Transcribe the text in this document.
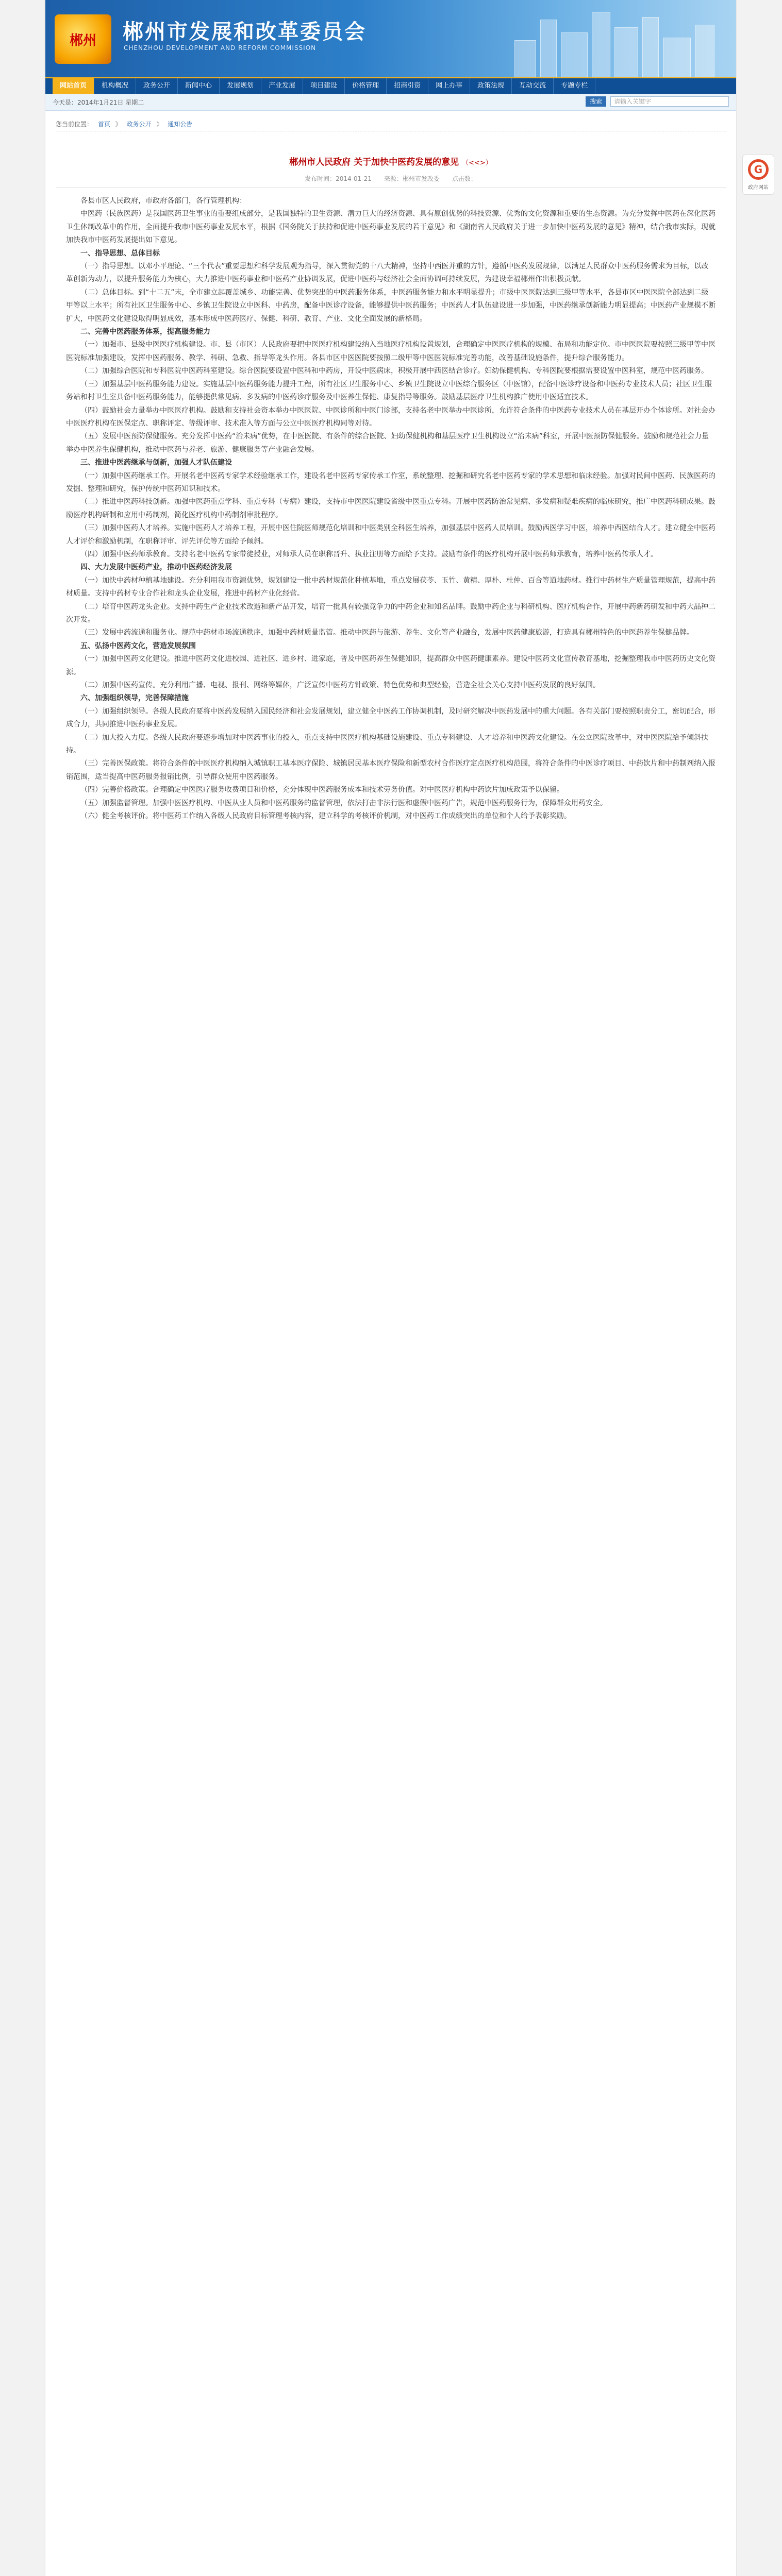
郴州	郴州市发展和改革委员会
CHENZHOU DEVELOPMENT AND REFORM COMMISSION
网站首页	机构概况	政务公开	新闻中心	发展规划	产业发展	项目建设	价格管理	招商引资	网上办事	政策法规	互动交流	专题专栏
今天是：2014年1月21日 星期二	搜索	请输入关键字
您当前位置： 首页 》 政务公开 》 通知公告
郴州市人民政府 关于加快中医药发展的意见 （<<>）
发布时间：2014-01-21　　来源：郴州市发改委　　点击数：

各县市区人民政府，市政府各部门，各行管理机构：

中医药（民族医药）是我国医药卫生事业的重要组成部分，是我国独特的卫生资源、潜力巨大的经济资源、具有原创优势的科技资源、优秀的文化资源和重要的生态资源。为充分发挥中医药在深化医药卫生体制改革中的作用，全面提升我市中医药事业发展水平，根据《国务院关于扶持和促进中医药事业发展的若干意见》和《湖南省人民政府关于进一步加快中医药发展的意见》精神，结合我市实际，现就加快我市中医药发展提出如下意见。

一、指导思想、总体目标

（一）指导思想。以邓小平理论、“三个代表”重要思想和科学发展观为指导，深入贯彻党的十八大精神，坚持中西医并重的方针，遵循中医药发展规律，以满足人民群众中医药服务需求为目标，以改革创新为动力，以提升服务能力为核心，大力推进中医药事业和中医药产业协调发展，促进中医药与经济社会全面协调可持续发展，为建设幸福郴州作出积极贡献。

（二）总体目标。到“十二五”末，全市建立起覆盖城乡、功能完善、优势突出的中医药服务体系，中医药服务能力和水平明显提升；市级中医医院达到三级甲等水平，各县市区中医医院全部达到二级甲等以上水平；所有社区卫生服务中心、乡镇卫生院设立中医科、中药房，配备中医诊疗设备，能够提供中医药服务；中医药人才队伍建设进一步加强，中医药继承创新能力明显提高；中医药产业规模不断扩大，中医药文化建设取得明显成效，基本形成中医药医疗、保健、科研、教育、产业、文化全面发展的新格局。

二、完善中医药服务体系，提高服务能力

（一）加强市、县级中医医疗机构建设。市、县（市区）人民政府要把中医医疗机构建设纳入当地医疗机构设置规划，合理确定中医医疗机构的规模、布局和功能定位。市中医医院要按照三级甲等中医医院标准加强建设，发挥中医药服务、教学、科研、急救、指导等龙头作用。各县市区中医医院要按照二级甲等中医医院标准完善功能，改善基础设施条件，提升综合服务能力。

（二）加强综合医院和专科医院中医药科室建设。综合医院要设置中医科和中药房，开设中医病床，积极开展中西医结合诊疗。妇幼保健机构、专科医院要根据需要设置中医科室，规范中医药服务。

（三）加强基层中医药服务能力建设。实施基层中医药服务能力提升工程，所有社区卫生服务中心、乡镇卫生院设立中医综合服务区（中医馆），配备中医诊疗设备和中医药专业技术人员；社区卫生服务站和村卫生室具备中医药服务能力，能够提供常见病、多发病的中医药诊疗服务及中医养生保健、康复指导等服务。鼓励基层医疗卫生机构推广使用中医适宜技术。

（四）鼓励社会力量举办中医医疗机构。鼓励和支持社会资本举办中医医院、中医诊所和中医门诊部，支持名老中医举办中医诊所，允许符合条件的中医药专业技术人员在基层开办个体诊所。对社会办中医医疗机构在医保定点、职称评定、等级评审、技术准入等方面与公立中医医疗机构同等对待。

（五）发展中医预防保健服务。充分发挥中医药“治未病”优势，在中医医院、有条件的综合医院、妇幼保健机构和基层医疗卫生机构设立“治未病”科室，开展中医预防保健服务。鼓励和规范社会力量举办中医养生保健机构，推动中医药与养老、旅游、健康服务等产业融合发展。

三、推进中医药继承与创新，加强人才队伍建设

（一）加强中医药继承工作。开展名老中医药专家学术经验继承工作，建设名老中医药专家传承工作室，系统整理、挖掘和研究名老中医药专家的学术思想和临床经验。加强对民间中医药、民族医药的发掘、整理和研究，保护传统中医药知识和技术。

（二）推进中医药科技创新。加强中医药重点学科、重点专科（专病）建设，支持市中医医院建设省级中医重点专科。开展中医药防治常见病、多发病和疑难疾病的临床研究，推广中医药科研成果。鼓励医疗机构研制和应用中药制剂，简化医疗机构中药制剂审批程序。

（三）加强中医药人才培养。实施中医药人才培养工程，开展中医住院医师规范化培训和中医类别全科医生培养，加强基层中医药人员培训。鼓励西医学习中医，培养中西医结合人才。建立健全中医药人才评价和激励机制，在职称评审、评先评优等方面给予倾斜。

（四）加强中医药师承教育。支持名老中医药专家带徒授业，对师承人员在职称晋升、执业注册等方面给予支持。鼓励有条件的医疗机构开展中医药师承教育，培养中医药传承人才。

四、大力发展中医药产业，推动中医药经济发展

（一）加快中药材种植基地建设。充分利用我市资源优势，规划建设一批中药材规范化种植基地，重点发展茯苓、玉竹、黄精、厚朴、杜仲、百合等道地药材。推行中药材生产质量管理规范，提高中药材质量。支持中药材专业合作社和龙头企业发展，推进中药材产业化经营。

（二）培育中医药龙头企业。支持中药生产企业技术改造和新产品开发，培育一批具有较强竞争力的中药企业和知名品牌。鼓励中药企业与科研机构、医疗机构合作，开展中药新药研发和中药大品种二次开发。

（三）发展中药流通和服务业。规范中药材市场流通秩序，加强中药材质量监管。推动中医药与旅游、养生、文化等产业融合，发展中医药健康旅游，打造具有郴州特色的中医药养生保健品牌。

五、弘扬中医药文化，营造发展氛围

（一）加强中医药文化建设。推进中医药文化进校园、进社区、进乡村、进家庭，普及中医药养生保健知识，提高群众中医药健康素养。建设中医药文化宣传教育基地，挖掘整理我市中医药历史文化资源。

（二）加强中医药宣传。充分利用广播、电视、报刊、网络等媒体，广泛宣传中医药方针政策、特色优势和典型经验，营造全社会关心支持中医药发展的良好氛围。

六、加强组织领导，完善保障措施

（一）加强组织领导。各级人民政府要将中医药发展纳入国民经济和社会发展规划，建立健全中医药工作协调机制，及时研究解决中医药发展中的重大问题。各有关部门要按照职责分工，密切配合，形成合力，共同推进中医药事业发展。

（二）加大投入力度。各级人民政府要逐步增加对中医药事业的投入，重点支持中医医疗机构基础设施建设、重点专科建设、人才培养和中医药文化建设。在公立医院改革中，对中医医院给予倾斜扶持。

（三）完善医保政策。将符合条件的中医医疗机构纳入城镇职工基本医疗保险、城镇居民基本医疗保险和新型农村合作医疗定点医疗机构范围，将符合条件的中医诊疗项目、中药饮片和中药制剂纳入报销范围，适当提高中医药服务报销比例，引导群众使用中医药服务。

（四）完善价格政策。合理确定中医医疗服务收费项目和价格，充分体现中医药服务成本和技术劳务价值。对中医医疗机构中药饮片加成政策予以保留。

（五）加强监督管理。加强中医医疗机构、中医从业人员和中医药服务的监督管理，依法打击非法行医和虚假中医药广告，规范中医药服务行为，保障群众用药安全。

（六）健全考核评价。将中医药工作纳入各级人民政府目标管理考核内容，建立科学的考核评价机制，对中医药工作成绩突出的单位和个人给予表彰奖励。

G
政府网站
